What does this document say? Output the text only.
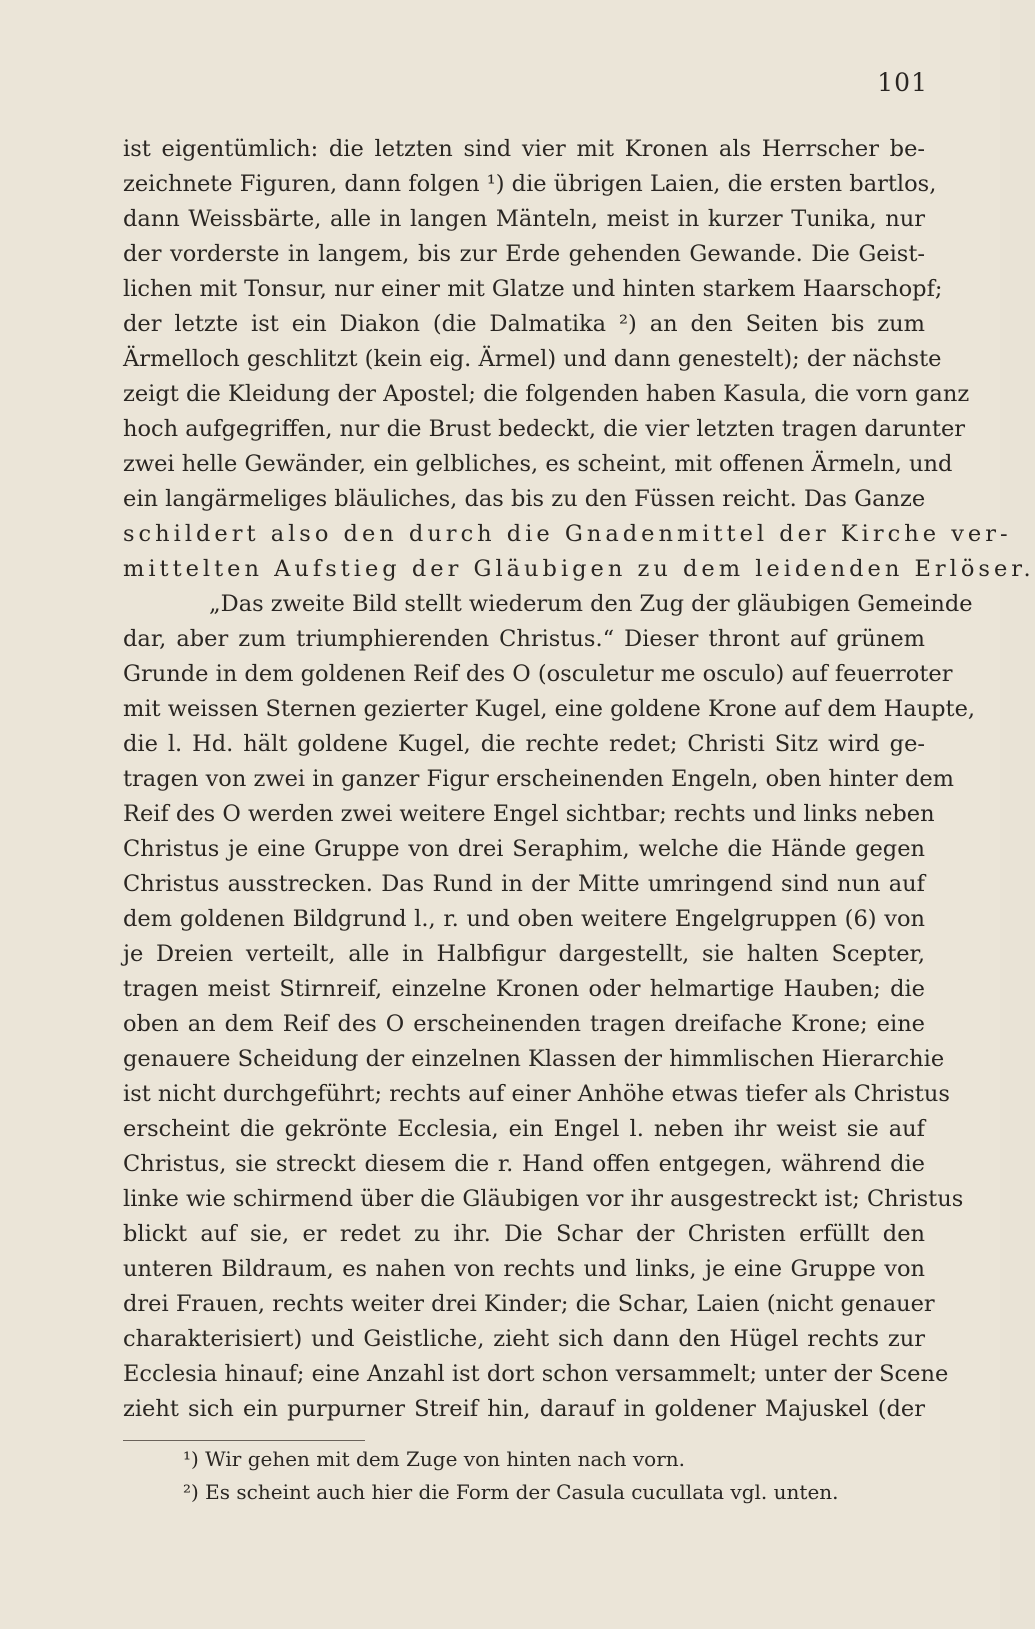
101
ist eigentümlich: die letzten sind vier mit Kronen als Herrscher be-
zeichnete Figuren, dann folgen ¹) die übrigen Laien, die ersten bartlos,
dann Weissbärte, alle in langen Mänteln, meist in kurzer Tunika, nur
der vorderste in langem, bis zur Erde gehenden Gewande. Die Geist-
lichen mit Tonsur, nur einer mit Glatze und hinten starkem Haarschopf;
der letzte ist ein Diakon (die Dalmatika ²) an den Seiten bis zum
Ärmelloch geschlitzt (kein eig. Ärmel) und dann genestelt); der nächste
zeigt die Kleidung der Apostel; die folgenden haben Kasula, die vorn ganz
hoch aufgegriffen, nur die Brust bedeckt, die vier letzten tragen darunter
zwei helle Gewänder, ein gelbliches, es scheint, mit offenen Ärmeln, und
ein langärmeliges bläuliches, das bis zu den Füssen reicht. Das Ganze
schildert also den durch die Gnadenmittel der Kirche ver-
mittelten Aufstieg der Gläubigen zu dem leidenden Erlöser.
„Das zweite Bild stellt wiederum den Zug der gläubigen Gemeinde
dar, aber zum triumphierenden Christus.“ Dieser thront auf grünem
Grunde in dem goldenen Reif des O (osculetur me osculo) auf feuerroter
mit weissen Sternen gezierter Kugel, eine goldene Krone auf dem Haupte,
die l. Hd. hält goldene Kugel, die rechte redet; Christi Sitz wird ge-
tragen von zwei in ganzer Figur erscheinenden Engeln, oben hinter dem
Reif des O werden zwei weitere Engel sichtbar; rechts und links neben
Christus je eine Gruppe von drei Seraphim, welche die Hände gegen
Christus ausstrecken. Das Rund in der Mitte umringend sind nun auf
dem goldenen Bildgrund l., r. und oben weitere Engelgruppen (6) von
je Dreien verteilt, alle in Halbfigur dargestellt, sie halten Scepter,
tragen meist Stirnreif, einzelne Kronen oder helmartige Hauben; die
oben an dem Reif des O erscheinenden tragen dreifache Krone; eine
genauere Scheidung der einzelnen Klassen der himmlischen Hierarchie
ist nicht durchgeführt; rechts auf einer Anhöhe etwas tiefer als Christus
erscheint die gekrönte Ecclesia, ein Engel l. neben ihr weist sie auf
Christus, sie streckt diesem die r. Hand offen entgegen, während die
linke wie schirmend über die Gläubigen vor ihr ausgestreckt ist; Christus
blickt auf sie, er redet zu ihr. Die Schar der Christen erfüllt den
unteren Bildraum, es nahen von rechts und links, je eine Gruppe von
drei Frauen, rechts weiter drei Kinder; die Schar, Laien (nicht genauer
charakterisiert) und Geistliche, zieht sich dann den Hügel rechts zur
Ecclesia hinauf; eine Anzahl ist dort schon versammelt; unter der Scene
zieht sich ein purpurner Streif hin, darauf in goldener Majuskel (der
¹) Wir gehen mit dem Zuge von hinten nach vorn.
²) Es scheint auch hier die Form der Casula cucullata vgl. unten.
